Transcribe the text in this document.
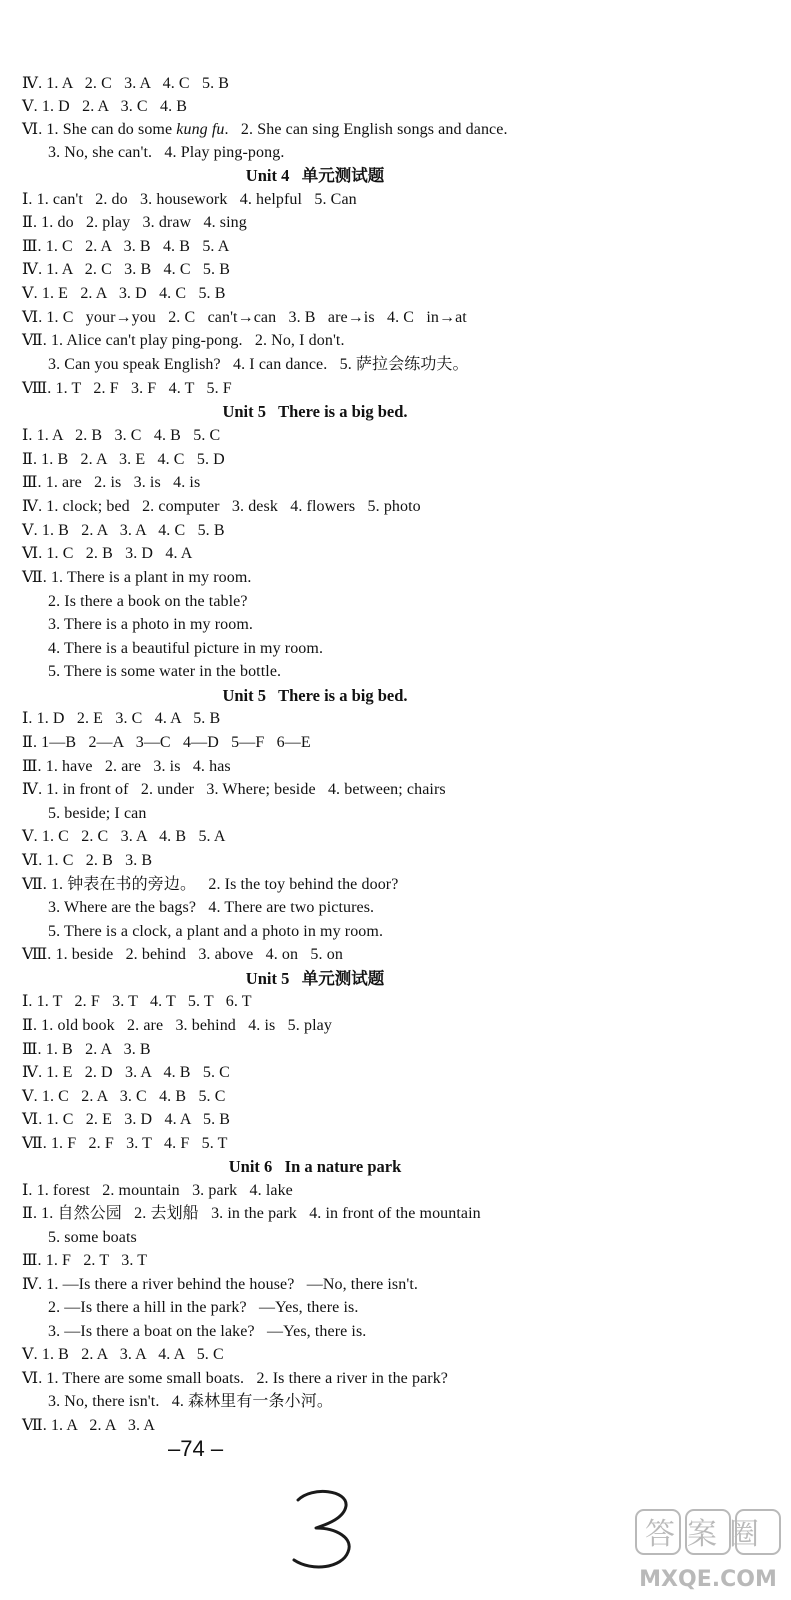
Ⅳ. 1. A   2. C   3. A   4. C   5. B
Ⅴ. 1. D   2. A   3. C   4. B
Ⅵ. 1. She can do some kung fu.   2. She can sing English songs and dance.
3. No, she can't.   4. Play ping-pong.
Unit 4   单元测试题
Ⅰ. 1. can't   2. do   3. housework   4. helpful   5. Can
Ⅱ. 1. do   2. play   3. draw   4. sing
Ⅲ. 1. C   2. A   3. B   4. B   5. A
Ⅳ. 1. A   2. C   3. B   4. C   5. B
Ⅴ. 1. E   2. A   3. D   4. C   5. B
Ⅵ. 1. C   your→you   2. C   can't→can   3. B   are→is   4. C   in→at
Ⅶ. 1. Alice can't play ping-pong.   2. No, I don't.
3. Can you speak English?   4. I can dance.   5. 萨拉会练功夫。
Ⅷ. 1. T   2. F   3. F   4. T   5. F
Unit 5   There is a big bed.
Ⅰ. 1. A   2. B   3. C   4. B   5. C
Ⅱ. 1. B   2. A   3. E   4. C   5. D
Ⅲ. 1. are   2. is   3. is   4. is
Ⅳ. 1. clock; bed   2. computer   3. desk   4. flowers   5. photo
Ⅴ. 1. B   2. A   3. A   4. C   5. B
Ⅵ. 1. C   2. B   3. D   4. A
Ⅶ. 1. There is a plant in my room.
2. Is there a book on the table?
3. There is a photo in my room.
4. There is a beautiful picture in my room.
5. There is some water in the bottle.
Unit 5   There is a big bed.
Ⅰ. 1. D   2. E   3. C   4. A   5. B
Ⅱ. 1—B   2—A   3—C   4—D   5—F   6—E
Ⅲ. 1. have   2. are   3. is   4. has
Ⅳ. 1. in front of   2. under   3. Where; beside   4. between; chairs
5. beside; I can
Ⅴ. 1. C   2. C   3. A   4. B   5. A
Ⅵ. 1. C   2. B   3. B
Ⅶ. 1. 钟表在书的旁边。   2. Is the toy behind the door?
3. Where are the bags?   4. There are two pictures.
5. There is a clock, a plant and a photo in my room.
Ⅷ. 1. beside   2. behind   3. above   4. on   5. on
Unit 5   单元测试题
Ⅰ. 1. T   2. F   3. T   4. T   5. T   6. T
Ⅱ. 1. old book   2. are   3. behind   4. is   5. play
Ⅲ. 1. B   2. A   3. B
Ⅳ. 1. E   2. D   3. A   4. B   5. C
Ⅴ. 1. C   2. A   3. C   4. B   5. C
Ⅵ. 1. C   2. E   3. D   4. A   5. B
Ⅶ. 1. F   2. F   3. T   4. F   5. T
Unit 6   In a nature park
Ⅰ. 1. forest   2. mountain   3. park   4. lake
Ⅱ. 1. 自然公园   2. 去划船   3. in the park   4. in front of the mountain
5. some boats
Ⅲ. 1. F   2. T   3. T
Ⅳ. 1. —Is there a river behind the house?   —No, there isn't.
2. —Is there a hill in the park?   —Yes, there is.
3. —Is there a boat on the lake?   —Yes, there is.
Ⅴ. 1. B   2. A   3. A   4. A   5. C
Ⅵ. 1. There are some small boats.   2. Is there a river in the park?
3. No, there isn't.   4. 森林里有一条小河。
Ⅶ. 1. A   2. A   3. A
–74 –
答案圈
MXQE.COM
